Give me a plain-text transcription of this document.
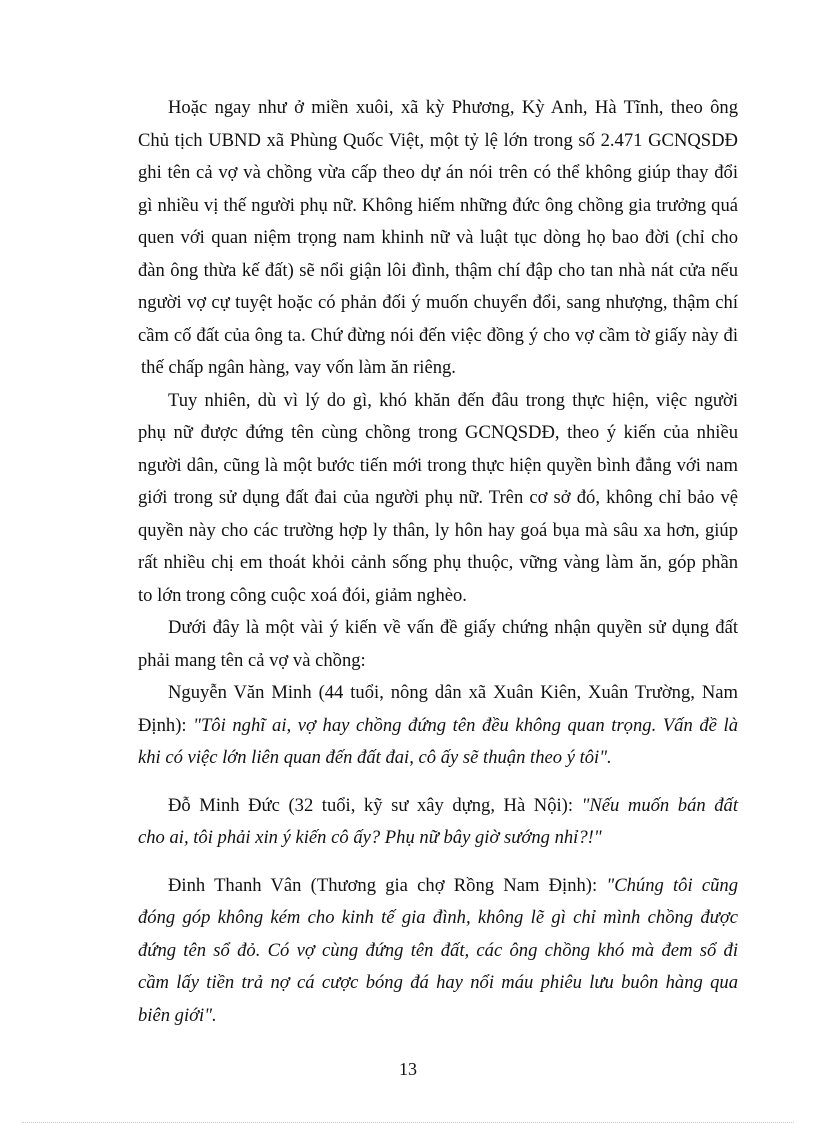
Hoặc ngay như ở miền xuôi, xã kỳ Phương, Kỳ Anh, Hà Tĩnh, theo ông

Chủ tịch UBND xã Phùng Quốc Việt, một tỷ lệ lớn trong số 2.471 GCNQSDĐ

ghi tên cả vợ và chồng vừa cấp theo dự án nói trên có thể không giúp thay đổi

gì nhiều vị thế người phụ nữ. Không hiếm những đức ông chồng gia trưởng quá

quen với quan niệm trọng nam khinh nữ và luật tục dòng họ bao đời (chỉ cho

đàn ông thừa kế đất) sẽ nổi giận lôi đình, thậm chí đập cho tan nhà nát cửa nếu

người vợ cự tuyệt hoặc có phản đối ý muốn chuyển đổi, sang nhượng, thậm chí

cầm cố đất của ông ta. Chứ đừng nói đến việc đồng ý cho vợ cầm tờ giấy này đi

thế chấp ngân hàng, vay vốn làm ăn riêng.

Tuy nhiên, dù vì lý do gì, khó khăn đến đâu trong thực hiện, việc người

phụ nữ được đứng tên cùng chồng trong GCNQSDĐ, theo ý kiến của nhiều

người dân, cũng là một bước tiến mới trong thực hiện quyền bình đẳng với nam

giới trong sử dụng đất đai của người phụ nữ. Trên cơ sở đó, không chỉ bảo vệ

quyền này cho các trường hợp ly thân, ly hôn hay goá bụa mà sâu xa hơn, giúp

rất nhiều chị em thoát khỏi cảnh sống phụ thuộc, vững vàng làm ăn, góp phần

to lớn trong công cuộc xoá đói, giảm nghèo.

Dưới đây là một vài ý kiến về vấn đề giấy chứng nhận quyền sử dụng đất

phải mang tên cả vợ và chồng:

Nguyễn Văn Minh (44 tuổi, nông dân xã Xuân Kiên, Xuân Trường, Nam

Định): "Tôi nghĩ ai, vợ hay chồng đứng tên đều không quan trọng. Vấn đề là

khi có việc lớn liên quan đến đất đai, cô ấy sẽ thuận theo ý tôi".

Đỗ Minh Đức (32 tuổi, kỹ sư xây dựng, Hà Nội): "Nếu muốn bán đất

cho ai, tôi phải xin ý kiến cô ấy? Phụ nữ bây giờ sướng nhỉ?!"

Đinh Thanh Vân (Thương gia chợ Rồng Nam Định): "Chúng tôi cũng

đóng góp không kém cho kinh tế gia đình, không lẽ gì chỉ mình chồng được

đứng tên sổ đỏ. Có vợ cùng đứng tên đất, các ông chồng khó mà đem sổ đi

cầm lấy tiền trả nợ cá cược bóng đá hay nổi máu phiêu lưu buôn hàng qua

biên giới".

13
